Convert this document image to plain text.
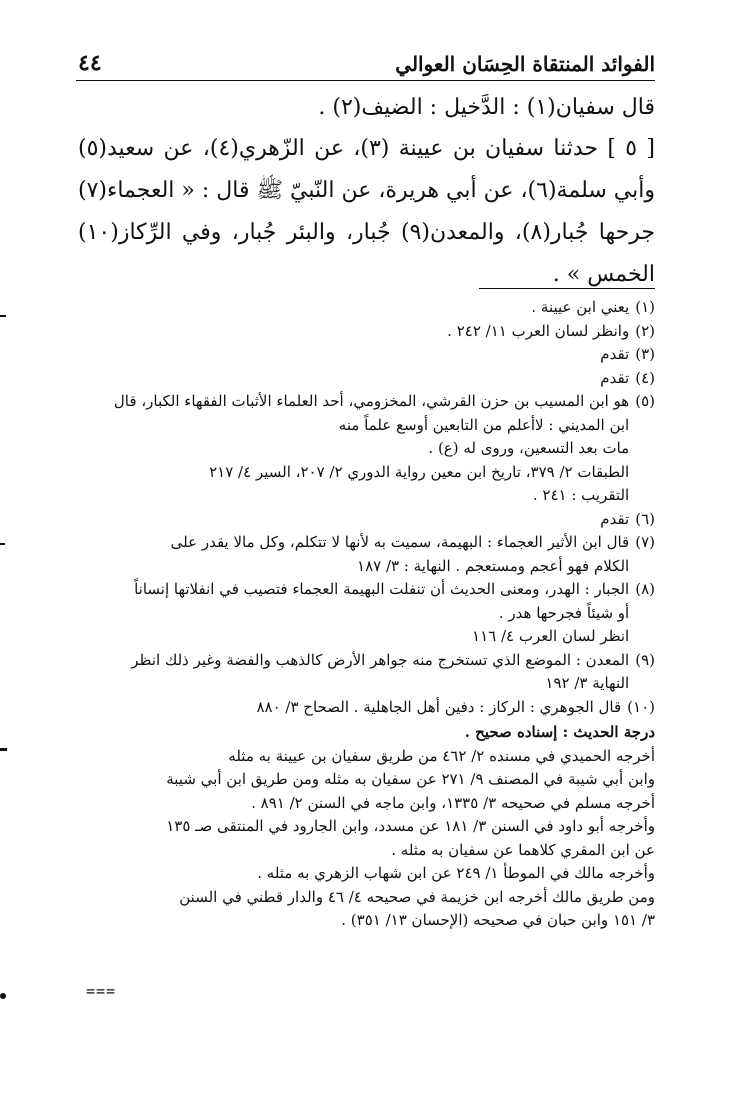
٤٤	الفوائد المنتقاة الحِسَان العوالي

قال سفيان(١) : الدَّخيل : الضيف(٢) .

[ ٥ ] حدثنا سفيان بن عيينة (٣)، عن الزّهري(٤)، عن سعيد(٥) وأبي سلمة(٦)، عن أبي هريرة، عن النّبيّ ﷺ قال : « العجماء(٧) جرحها جُبار(٨)، والمعدن(٩) جُبار، والبئر جُبار، وفي الرِّكاز(١٠) الخمس » .

(١)
يعني ابن عيينة .
(٢)
وانظر لسان العرب ١١/ ٢٤٢ .
(٣)
تقدم
(٤)
تقدم
(٥)
هو ابن المسيب بن حزن القرشي، المخزومي، أحد العلماء الأثبات الفقهاء الكبار، قال
ابن المديني : لاأعلم من التابعين أوسع علماً منه
مات بعد التسعين، وروى له (ع) .
الطبقات ٢/ ٣٧٩، تاريخ ابن معين رواية الدوري ٢/ ٢٠٧، السير ٤/ ٢١٧
التقريب : ٢٤١ .
(٦)
تقدم
(٧)
قال ابن الأثير العجماء : البهيمة، سميت به لأنها لا تتكلم، وكل مالا يقدر على
الكلام فهو أعجم ومستعجم . النهاية : ٣/ ١٨٧
(٨)
الجبار : الهدر، ومعنى الحديث أن تنفلت البهيمة العجماء فتصيب في انفلاتها إنساناً
أو شيئاً فجرحها هدر .
انظر لسان العرب ٤/ ١١٦
(٩)
المعدن : الموضع الذي تستخرج منه جواهر الأرض كالذهب والفضة وغير ذلك انظر
النهاية ٣/ ١٩٢
(١٠)
قال الجوهري : الركاز : دفين أهل الجاهلية . الصحاح ٣/ ٨٨٠
درجة الحديث : إسناده صحيح .
أخرجه الحميدي في مسنده ٢/ ٤٦٢ من طريق سفيان بن عيينة به مثله
وابن أبي شيبة في المصنف ٩/ ٢٧١ عن سفيان به مثله ومن طريق ابن أبي شيبة
أخرجه مسلم في صحيحه ٣/ ١٣٣٥، وابن ماجه في السنن ٢/ ٨٩١ .
وأخرجه أبو داود في السنن ٣/ ١٨١ عن مسدد، وابن الجارود في المنتقى صـ ١٣٥
عن ابن المقري كلاهما عن سفيان به مثله .
وأخرجه مالك في الموطأ ١/ ٢٤٩ عن ابن شهاب الزهري به مثله .
ومن طريق مالك أخرجه ابن خزيمة في صحيحه ٤/ ٤٦ والدار قطني في السنن
٣/ ١٥١ وابن حبان في صحيحه (الإحسان ١٣/ ٣٥١) .
===
